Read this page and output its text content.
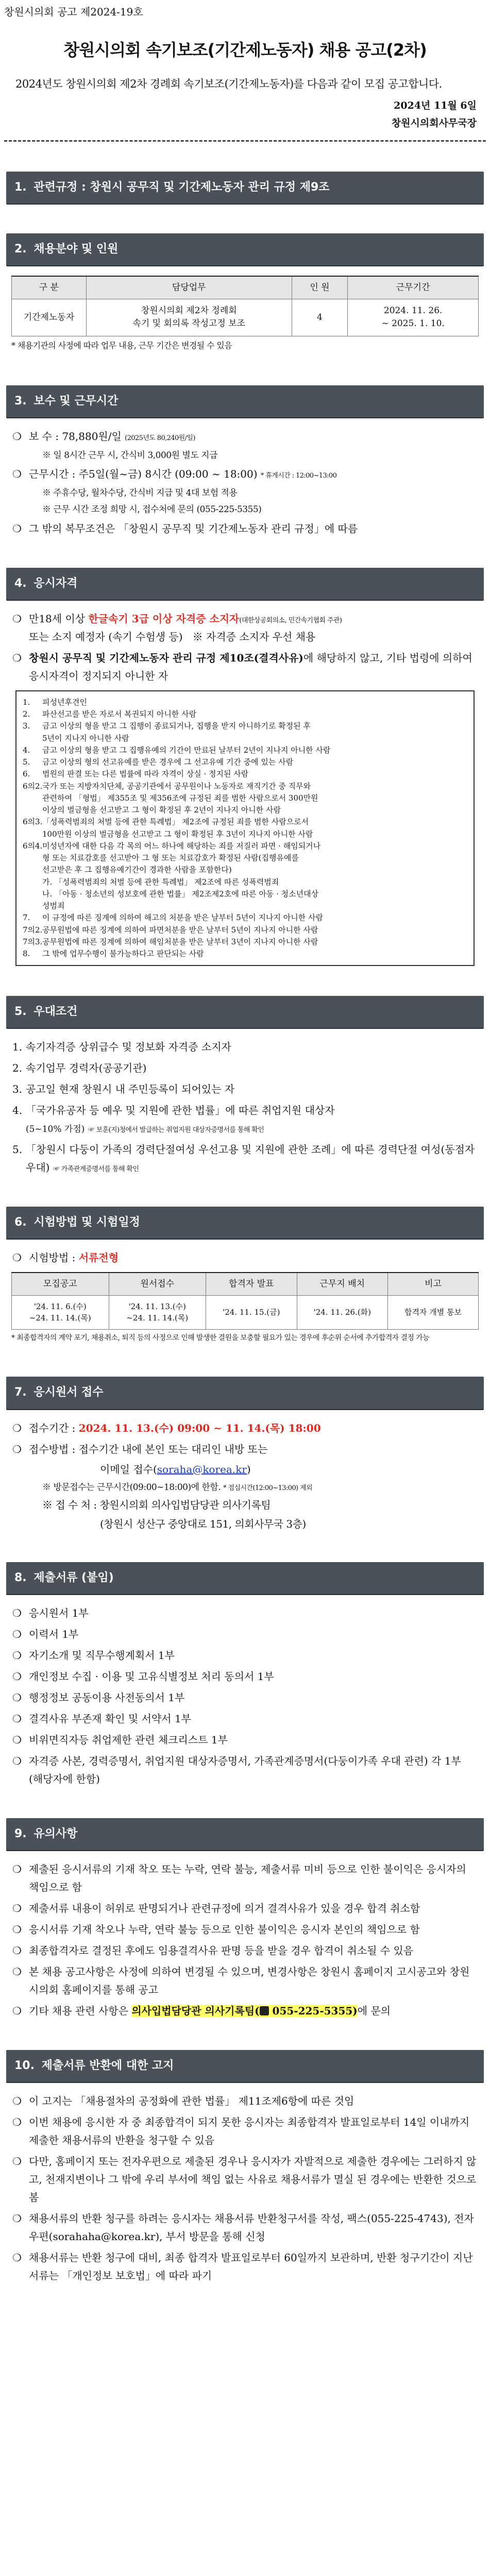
창원시의회 공고 제2024-19호
창원시의회 속기보조(기간제노동자) 채용 공고(2차)
2024년도 창원시의회 제2차 경례회 속기보조(기간제노동자)를 다음과 같이 모집 공고합니다.
2024년 11월 6일
창원시의회사무국장
1. 관련규정 : 창원시 공무직 및 기간제노동자 관리 규정 제9조
2. 채용분야 및 인원
구 분	담당업무	인 원	근무기간
기간제노동자	창원시의회 제2차 정례회
속기 및 회의록 작성고정 보조	4	2024. 11. 26.
~ 2025. 1. 10.
* 채용기관의 사정에 따라 업무 내용, 근무 기간은 변경될 수 있음
3. 보수 및 근무시간
❍ 보 수 : 78,880원/일 (2025년도 80,240원/일)
※ 일 8시간 근무 시, 간식비 3,000원 별도 지급
❍ 근무시간 : 주5일(월~금) 8시간 (09:00 ~ 18:00) * 휴게시간 : 12:00~13:00
※ 주휴수당, 월차수당, 간식비 지급 및 4대 보험 적용
※ 근무 시간 조정 희망 시, 접수처에 문의 (055-225-5355)
❍ 그 밖의 복무조건은 「창원시 공무직 및 기간제노동자 관리 규정」에 따름
4. 응시자격
❍ 만18세 이상 한글속기 3급 이상 자격증 소지자(대한상공회의소, 민간속기협회 주관)
또는 소지 예정자 (속기 수험생 등) ※ 자격증 소지자 우선 채용
❍ 창원시 공무직 및 기간제노동자 관리 규정 제10조(결격사유)에 해당하지 않고, 기타 법령에 의하여 응시자격이 정지되지 아니한 자
1. 피성년후견인
2. 파산선고를 받은 자로서 복권되지 아니한 사람
3. 금고 이상의 형을 받고 그 집행이 종료되거나, 집행을 받지 아니하기로 확정된 후
5년이 지나지 아니한 사람
4. 금고 이상의 형을 받고 그 집행유예의 기간이 만료된 날부터 2년이 지나지 아니한 사람
5. 금고 이상의 형의 선고유예를 받은 경우에 그 선고유예 기간 중에 있는 사람
6. 법원의 판결 또는 다른 법률에 따라 자격이 상실 · 정지된 사람
6의2. 국가 또는 지방자치단체, 공공기관에서 공무원이나 노동자로 재직기간 중 직무와
관련하여 「형법」 제355조 및 제356조에 규정된 죄를 범한 사람으로서 300만원
이상의 벌금형을 선고받고 그 형이 확정된 후 2년이 지나지 아니한 사람
6의3. 「성폭력범죄의 처벌 등에 관한 특례법」 제2조에 규정된 죄를 범한 사람으로서
100만원 이상의 벌금형을 선고받고 그 형이 확정된 후 3년이 지나지 아니한 사람
6의4. 미성년자에 대한 다음 각 목의 어느 하나에 해당하는 죄를 저질러 파면 · 해임되거나
형 또는 치료감호를 선고받아 그 형 또는 치료감호가 확정된 사람(집행유예를
선고받은 후 그 집행유예기간이 경과한 사람을 포함한다)
가. 「성폭력범죄의 처벌 등에 관한 특례법」 제2조에 따른 성폭력범죄
나. 「아동 · 청소년의 성보호에 관한 법률」 제2조제2호에 따른 아동 · 청소년대상
성범죄
7. 이 규정에 따른 징계에 의하여 해고의 처분을 받은 날부터 5년이 지나지 아니한 사람
7의2. 공무원법에 따른 징계에 의하여 파면처분을 받은 날부터 5년이 지나지 아니한 사람
7의3. 공무원법에 따른 징계에 의하여 해임처분을 받은 날부터 3년이 지나지 아니한 사람
8. 그 밖에 업무수행이 불가능하다고 판단되는 사람
5. 우대조건
1. 속기자격증 상위급수 및 정보화 자격증 소지자
2. 속기업무 경력자(공공기관)
3. 공고일 현재 창원시 내 주민등록이 되어있는 자
4. 「국가유공자 등 예우 및 지원에 관한 법률」에 따른 취업지원 대상자
(5~10% 가점) ☞ 보훈(지)청에서 발급하는 취업지원 대상자증명서를 통해 확인
5. 「창원시 다둥이 가족의 경력단절여성 우선고용 및 지원에 관한 조례」에 따른 경력단절 여성(동점자 우대) ☞ 가족관계증명서를 통해 확인
6. 시험방법 및 시험일정
❍ 시험방법 : 서류전형
모집공고	원서접수	합격자 발표	근무지 배치	비고
'24. 11. 6.(수)
~24. 11. 14.(목)	'24. 11. 13.(수)
~24. 11. 14.(목)	'24. 11. 15.(금)	'24. 11. 26.(화)	합격자 개별 통보
* 최종합격자의 계약 포기, 채용취소, 퇴직 등의 사정으로 인해 발생한 결원을 보충할 필요가 있는 경우에 후순위 순서에 추가합격자 결정 가능
7. 응시원서 접수
❍ 접수기간 : 2024. 11. 13.(수) 09:00 ~ 11. 14.(목) 18:00
❍ 접수방법 : 접수기간 내에 본인 또는 대리인 내방 또는
이메일 접수(soraha@korea.kr)
※ 방문접수는 근무시간(09:00~18:00)에 한함. * 점심시간(12:00~13:00) 제외
※ 접 수 처 : 창원시의회 의사입법담당관 의사기록팀
(창원시 성산구 중앙대로 151, 의회사무국 3층)
8. 제출서류 (붙임)
❍ 응시원서 1부
❍ 이력서 1부
❍ 자기소개 및 직무수행계획서 1부
❍ 개인정보 수집 · 이용 및 고유식별정보 처리 동의서 1부
❍ 행정정보 공동이용 사전동의서 1부
❍ 결격사유 부존재 확인 및 서약서 1부
❍ 비위면직자등 취업제한 관련 체크리스트 1부
❍ 자격증 사본, 경력증명서, 취업지원 대상자증명서, 가족관계증명서(다둥이가족 우대 관련) 각 1부 (해당자에 한함)
9. 유의사항
❍ 제출된 응시서류의 기재 착오 또는 누락, 연락 불능, 제출서류 미비 등으로 인한 불이익은 응시자의 책임으로 함
❍ 제출서류 내용이 허위로 판명되거나 관련규정에 의거 결격사유가 있을 경우 합격 취소함
❍ 응시서류 기재 착오나 누락, 연락 불능 등으로 인한 불이익은 응시자 본인의 책임으로 함
❍ 최종합격자로 결정된 후에도 임용결격사유 판명 등을 받을 경우 합격이 취소될 수 있음
❍ 본 채용 공고사항은 사정에 의하여 변경될 수 있으며, 변경사항은 창원시 홈페이지 고시공고와 창원시의회 홈페이지를 통해 공고
❍ 기타 채용 관련 사항은 의사입법담당관 의사기록팀( 055-225-5355)에 문의
10. 제출서류 반환에 대한 고지
❍ 이 고지는 「채용절차의 공정화에 관한 법률」 제11조제6항에 따른 것임
❍ 이번 채용에 응시한 자 중 최종합격이 되지 못한 응시자는 최종합격자 발표일로부터 14일 이내까지 제출한 채용서류의 반환을 청구할 수 있음
❍ 다만, 홈페이지 또는 전자우편으로 제출된 경우나 응시자가 자발적으로 제출한 경우에는 그러하지 않고, 천재지변이나 그 밖에 우리 부서에 책임 없는 사유로 채용서류가 멸실 된 경우에는 반환한 것으로 봄
❍ 채용서류의 반환 청구를 하려는 응시자는 채용서류 반환청구서를 작성, 팩스(055-225-4743), 전자우편(sorahaha@korea.kr), 부서 방문을 통해 신청
❍ 채용서류는 반환 청구에 대비, 최종 합격자 발표일로부터 60일까지 보관하며, 반환 청구기간이 지난 서류는 「개인정보 보호법」에 따라 파기
